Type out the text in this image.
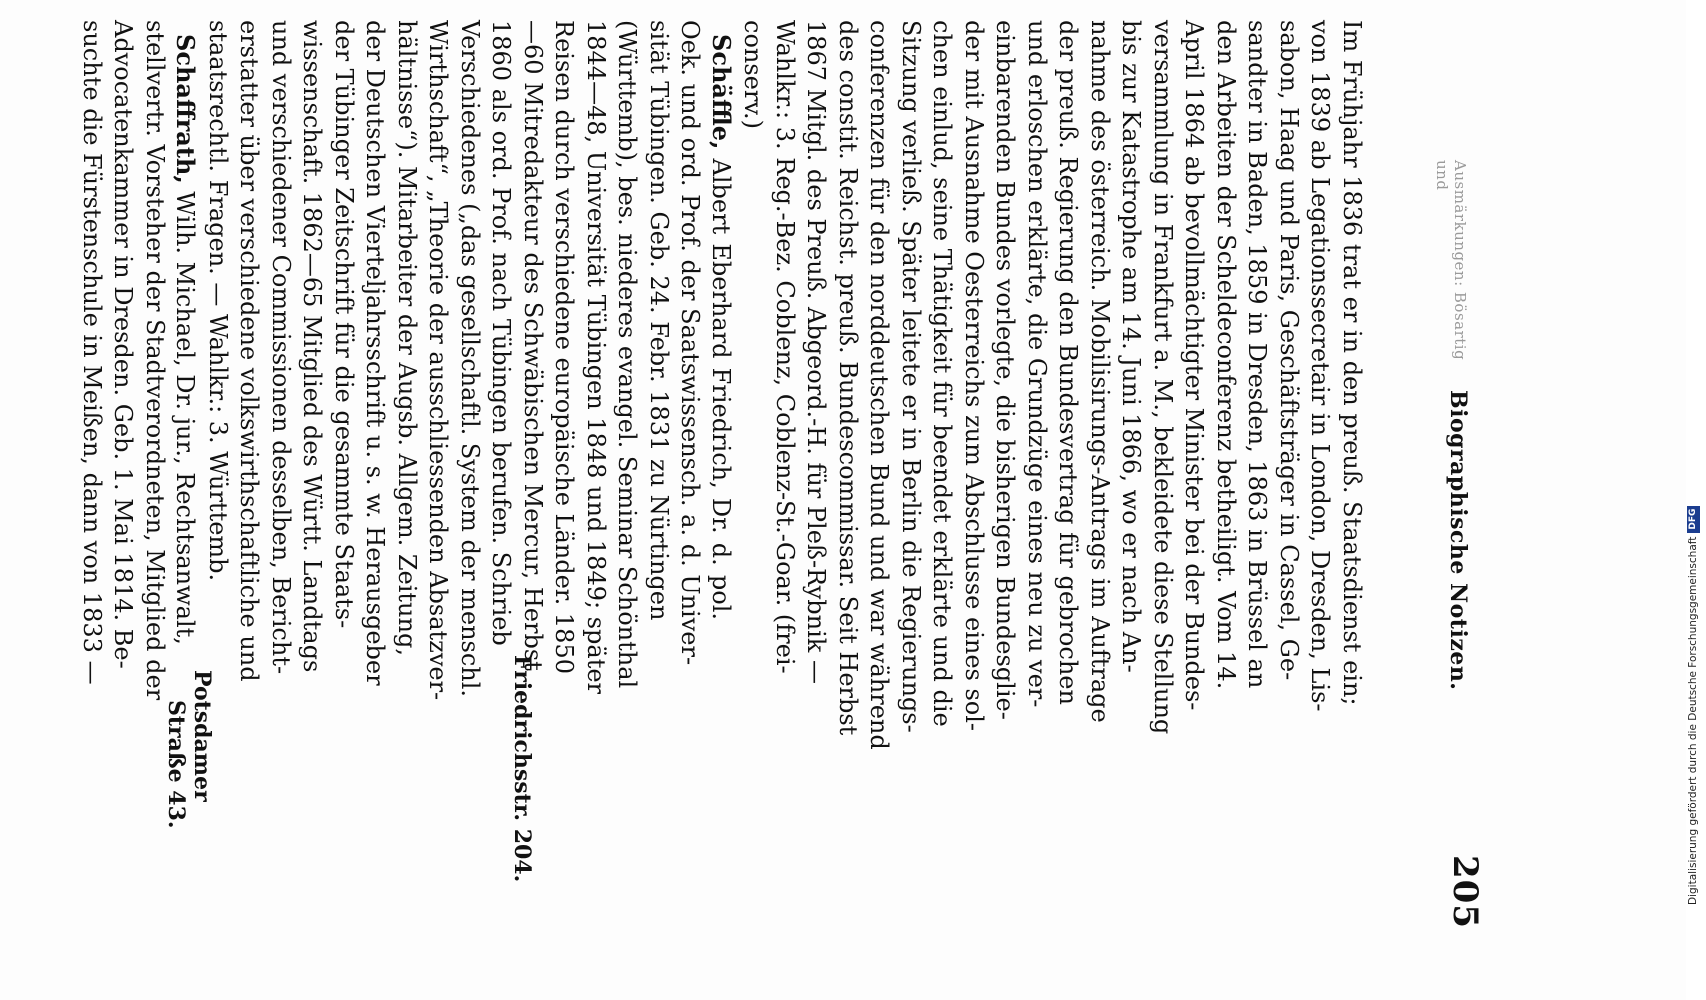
Ausmärkungen: Bösartig und
Biographische Notizen.
205
Im Frühjahr 1836 trat er in den preuß. Staatsdienst ein;
von 1839 ab Legationssecretair in London, Dresden, Lis-
sabon, Haag und Paris, Geschäftsträger in Cassel, Ge-
sandter in Baden, 1859 in Dresden, 1863 in Brüssel an
den Arbeiten der Scheldeconferenz betheiligt. Vom 14.
April 1864 ab bevollmächtigter Minister bei der Bundes-
versammlung in Frankfurt a. M., bekleidete diese Stellung
bis zur Katastrophe am 14. Juni 1866, wo er nach An-
nahme des österreich. Mobilisirungs-Antrags im Auftrage
der preuß. Regierung den Bundesvertrag für gebrochen
und erloschen erklärte, die Grundzüge eines neu zu ver-
einbarenden Bundes vorlegte, die bisherigen Bundesglie-
der mit Ausnahme Oesterreichs zum Abschlusse eines sol-
chen einlud, seine Thätigkeit für beendet erklärte und die
Sitzung verließ. Später leitete er in Berlin die Regierungs-
conferenzen für den norddeutschen Bund und war während
des constit. Reichst. preuß. Bundescommissar. Seit Herbst
1867 Mitgl. des Preuß. Abgeord.-H. für Pleß-Rybnik —
Wahlkr.: 3. Reg.-Bez. Coblenz, Coblenz-St.-Goar. (frei-
conserv.)
Schäffle, Albert Eberhard Friedrich, Dr. d. pol.
Oek. und ord. Prof. der Saatswissensch. a. d. Univer-
sität Tübingen. Geb. 24. Febr. 1831 zu Nürtingen
(Württemb), bes. niederes evangel. Seminar Schönthal
1844—48, Universität Tübingen 1848 und 1849; später
Reisen durch verschiedene europäische Länder. 1850
—60 Mitredakteur des Schwäbischen Mercur, Herbst
1860 als ord. Prof. nach Tübingen berufen. Schrieb
Verschiedenes („das gesellschaftl. System der menschl.
Wirthschaft“, „Theorie der ausschliessenden Absatzver-
hältnisse“). Mitarbeiter der Augsb. Allgem. Zeitung,
der Deutschen Vierteljahrsschrift u. s. w. Herausgeber
der Tübinger Zeitschrift für die gesammte Staats-
wissenschaft. 1862—65 Mitglied des Württ. Landtags
und verschiedener Commissionen desselben, Bericht-
erstatter über verschiedene volkswirthschaftliche und
staatsrechtl. Fragen. — Wahlkr.: 3. Württemb.
Schaffrath, Wilh. Michael, Dr. jur., Rechtsanwalt,
stellvertr. Vorsteher der Stadtverordneten, Mitglied der
Advocatenkammer in Dresden. Geb. 1. Mai 1814. Be-
suchte die Fürstenschule in Meißen, dann von 1833 —
Friedrichsstr. 204.
Potsdamer
Straße 43.	Digitalisierung gefördert durch die Deutsche ForschungsgemeinschaftDFG
